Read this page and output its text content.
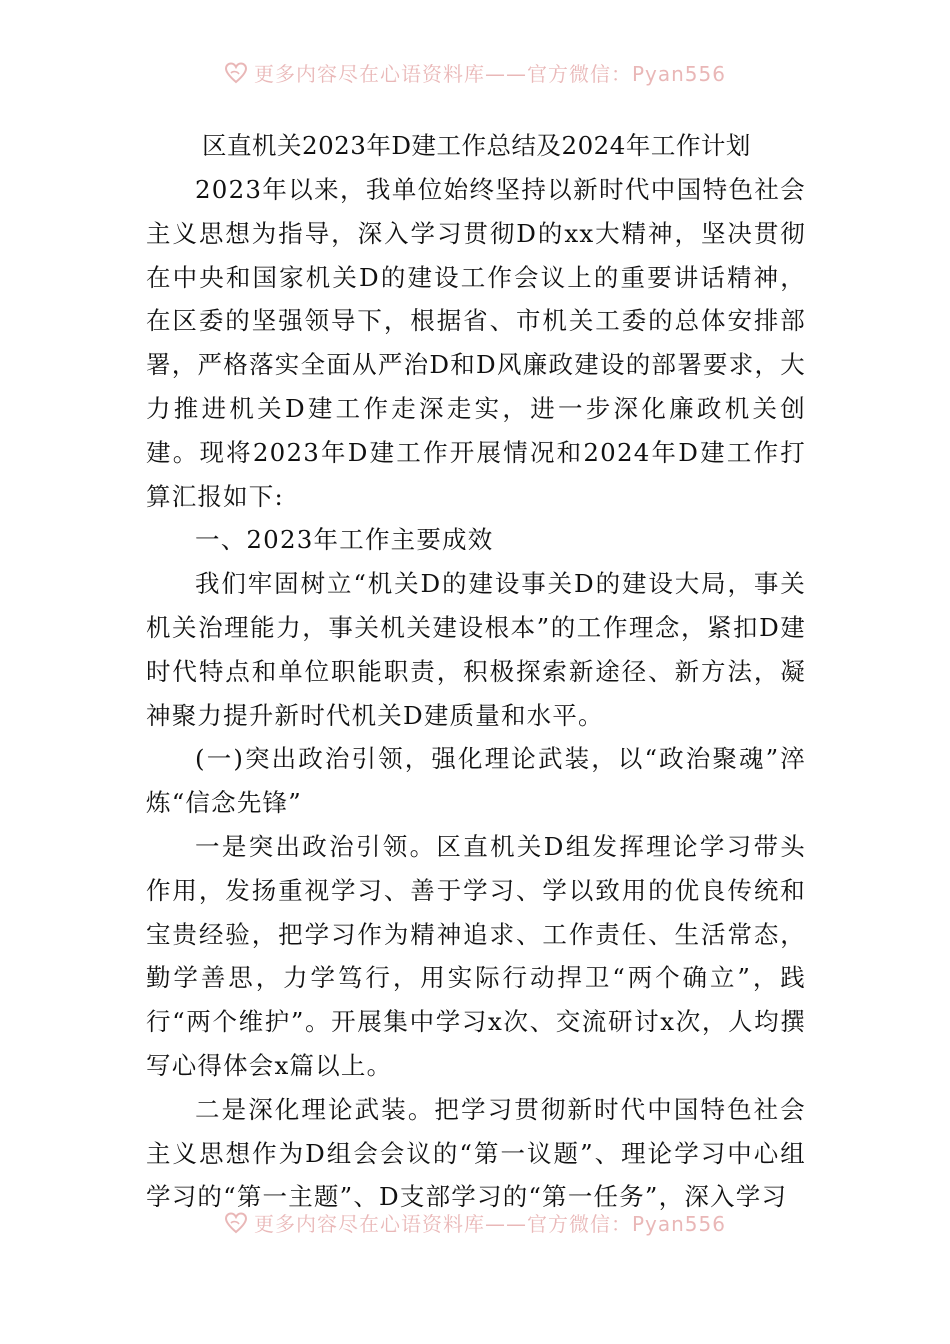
更多内容尽在心语资料库——官方微信：Pyan556
区直机关2023年D建工作总结及2024年工作计划

2023年以来，我单位始终坚持以新时代中国特色社会主义思想为指导，深入学习贯彻D的xx大精神，坚决贯彻在中央和国家机关D的建设工作会议上的重要讲话精神，在区委的坚强领导下，根据省、市机关工委的总体安排部署，严格落实全面从严治D和D风廉政建设的部署要求，大力推进机关D建工作走深走实，进一步深化廉政机关创建。现将2023年D建工作开展情况和2024年D建工作打算汇报如下:

一、2023年工作主要成效

我们牢固树立“机关D的建设事关D的建设大局，事关机关治理能力，事关机关建设根本”的工作理念，紧扣D建时代特点和单位职能职责，积极探索新途径、新方法，凝神聚力提升新时代机关D建质量和水平。

(一)突出政治引领，强化理论武装，以“政治聚魂”淬炼“信念先锋”

一是突出政治引领。区直机关D组发挥理论学习带头作用，发扬重视学习、善于学习、学以致用的优良传统和宝贵经验，把学习作为精神追求、工作责任、生活常态，勤学善思，力学笃行，用实际行动捍卫“两个确立”，践行“两个维护”。开展集中学习x次、交流研讨x次，人均撰写心得体会x篇以上。

二是深化理论武装。把学习贯彻新时代中国特色社会主义思想作为D组会会议的“第一议题”、理论学习中心组学习的“第一主题”、D支部学习的“第一任务”，深入学习

更多内容尽在心语资料库——官方微信：Pyan556
